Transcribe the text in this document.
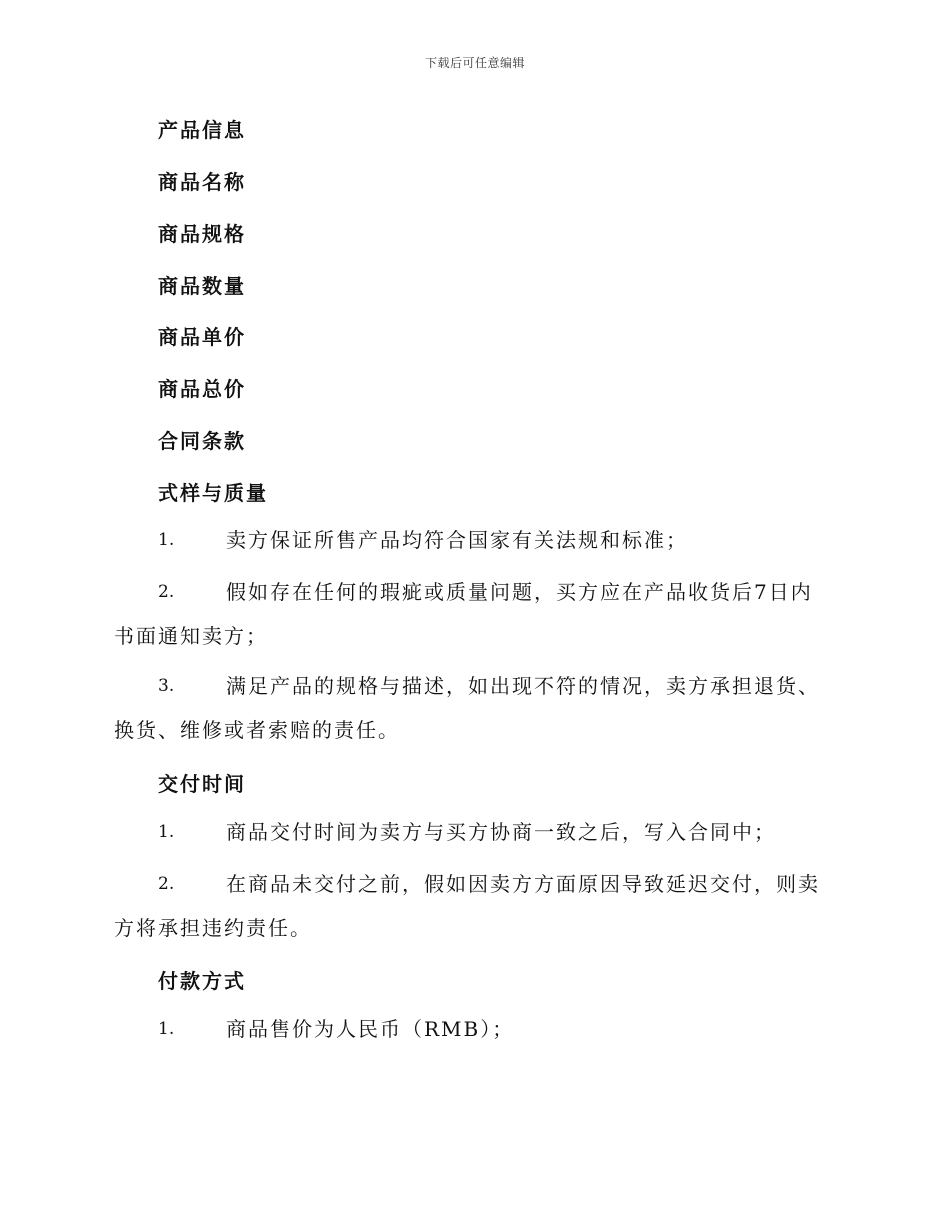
下载后可任意编辑
产品信息
商品名称
商品规格
商品数量
商品单价
商品总价
合同条款
式样与质量
1.	卖方保证所售产品均符合国家有关法规和标准；
2.	假如存在任何的瑕疵或质量问题，买方应在产品收货后7日内书面通知卖方；
3.	满足产品的规格与描述，如出现不符的情况，卖方承担退货、换货、维修或者索赔的责任。
交付时间
1.	商品交付时间为卖方与买方协商一致之后，写入合同中；
2.	在商品未交付之前，假如因卖方方面原因导致延迟交付，则卖方将承担违约责任。
付款方式
1.	商品售价为人民币（RMB）；
